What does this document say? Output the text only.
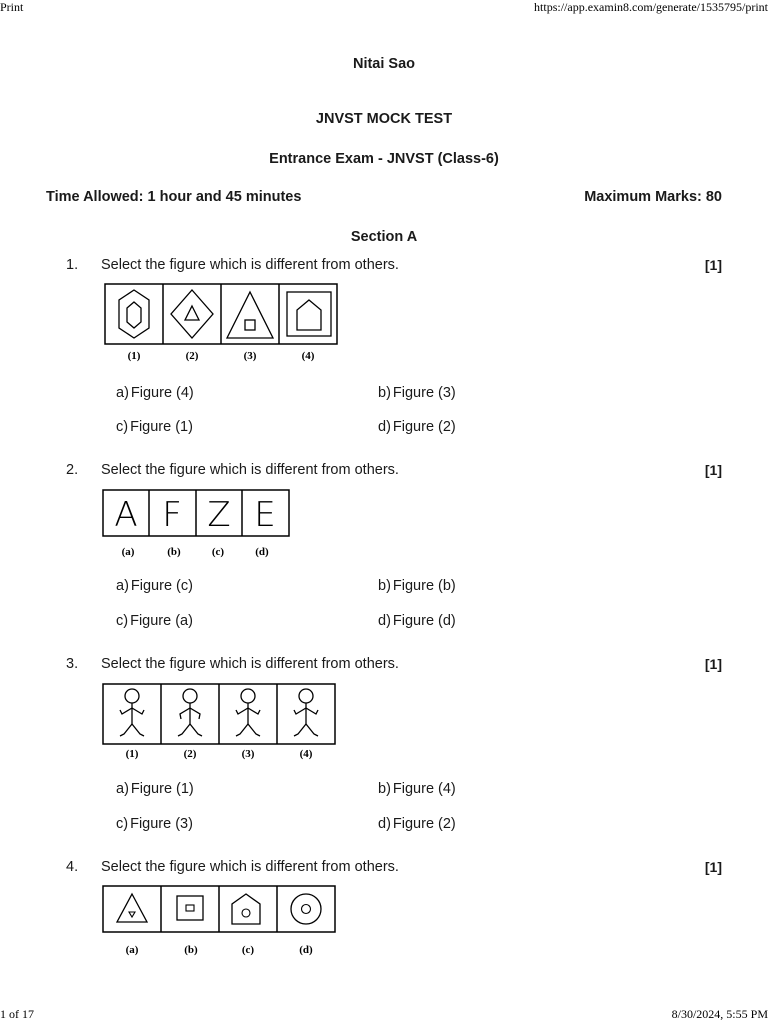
Print	https://app.examin8.com/generate/1535795/print
1 of 17	8/30/2024, 5:55 PM
Nitai Sao
JNVST MOCK TEST
Entrance Exam - JNVST (Class-6)
Time Allowed: 1 hour and 45 minutes	Maximum Marks: 80
Section A
1. Select the figure which is different from others.	[1]
(1)	(2)	(3)	(4)
a) Figure (4)	b) Figure (3)
c) Figure (1)	d) Figure (2)
2. Select the figure which is different from others.	[1]
A F Z E
(a)	(b)	(c)	(d)
a) Figure (c)	b) Figure (b)
c) Figure (a)	d) Figure (d)
3. Select the figure which is different from others.	[1]
(1)	(2)	(3)	(4)
a) Figure (1)	b) Figure (4)
c) Figure (3)	d) Figure (2)
4. Select the figure which is different from others.	[1]
(a)	(b)	(c)	(d)
